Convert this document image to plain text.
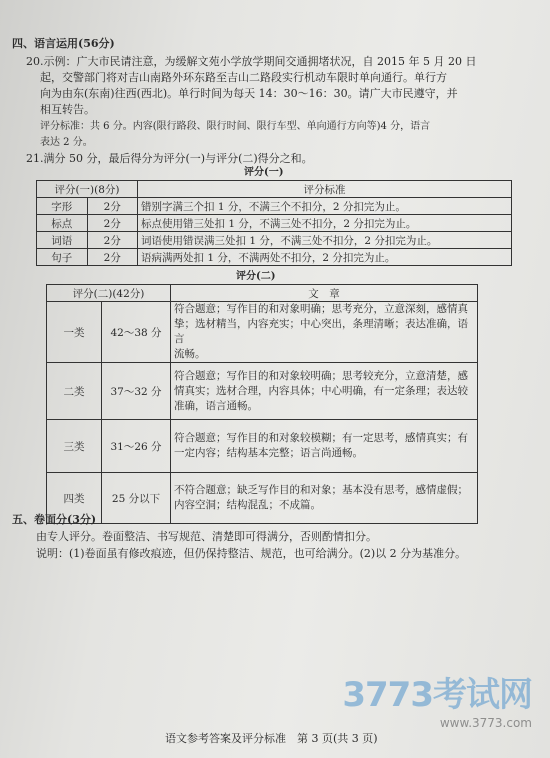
四、语言运用(56分)
20.示例：广大市民请注意，为缓解文苑小学放学期间交通拥堵状况，自 2015 年 5 月 20 日
起，交警部门将对吉山南路外环东路至吉山二路段实行机动车限时单向通行。单行方
向为由东(东南)往西(西北)。单行时间为每天 14：30～16：30。请广大市民遵守，并
相互转告。
评分标准：共 6 分。内容(限行路段、限行时间、限行车型、单向通行方向等)4 分，语言
表达 2 分。
21.满分 50 分，最后得分为评分(一)与评分(二)得分之和。
评分(一)
评分(一)(8分)		评分标准
字形	2分	错别字满三个扣 1 分，不满三个不扣分，2 分扣完为止。
标点	2分	标点使用错三处扣 1 分，不满三处不扣分，2 分扣完为止。
词语	2分	词语使用错误满三处扣 1 分，不满三处不扣分，2 分扣完为止。
句子	2分	语病满两处扣 1 分，不满两处不扣分，2 分扣完为止。
评分(二)
评分(二)(42分)		文　章
一类	42～38 分	符合题意；写作目的和对象明确；思考充分，立意深刻，感情真
挚；选材精当，内容充实；中心突出，条理清晰；表达准确，语言
流畅。

二类	37～32 分	符合题意；写作目的和对象较明确；思考较充分，立意清楚，感
情真实；选材合理，内容具体；中心明确，有一定条理；表达较
准确，语言通畅。

三类	31～26 分	符合题意；写作目的和对象较模糊；有一定思考，感情真实；有
一定内容；结构基本完整；语言尚通畅。

四类	25 分以下	不符合题意；缺乏写作目的和对象；基本没有思考，感情虚假；
内容空洞；结构混乱；不成篇。
五、卷面分(3分)
由专人评分。卷面整洁、书写规范、清楚即可得满分，否则酌情扣分。
说明：(1)卷面虽有修改痕迹，但仍保持整洁、规范，也可给满分。(2)以 2 分为基准分。
3773考试网
www.3773.com
语文参考答案及评分标准　第 3 页(共 3 页)
